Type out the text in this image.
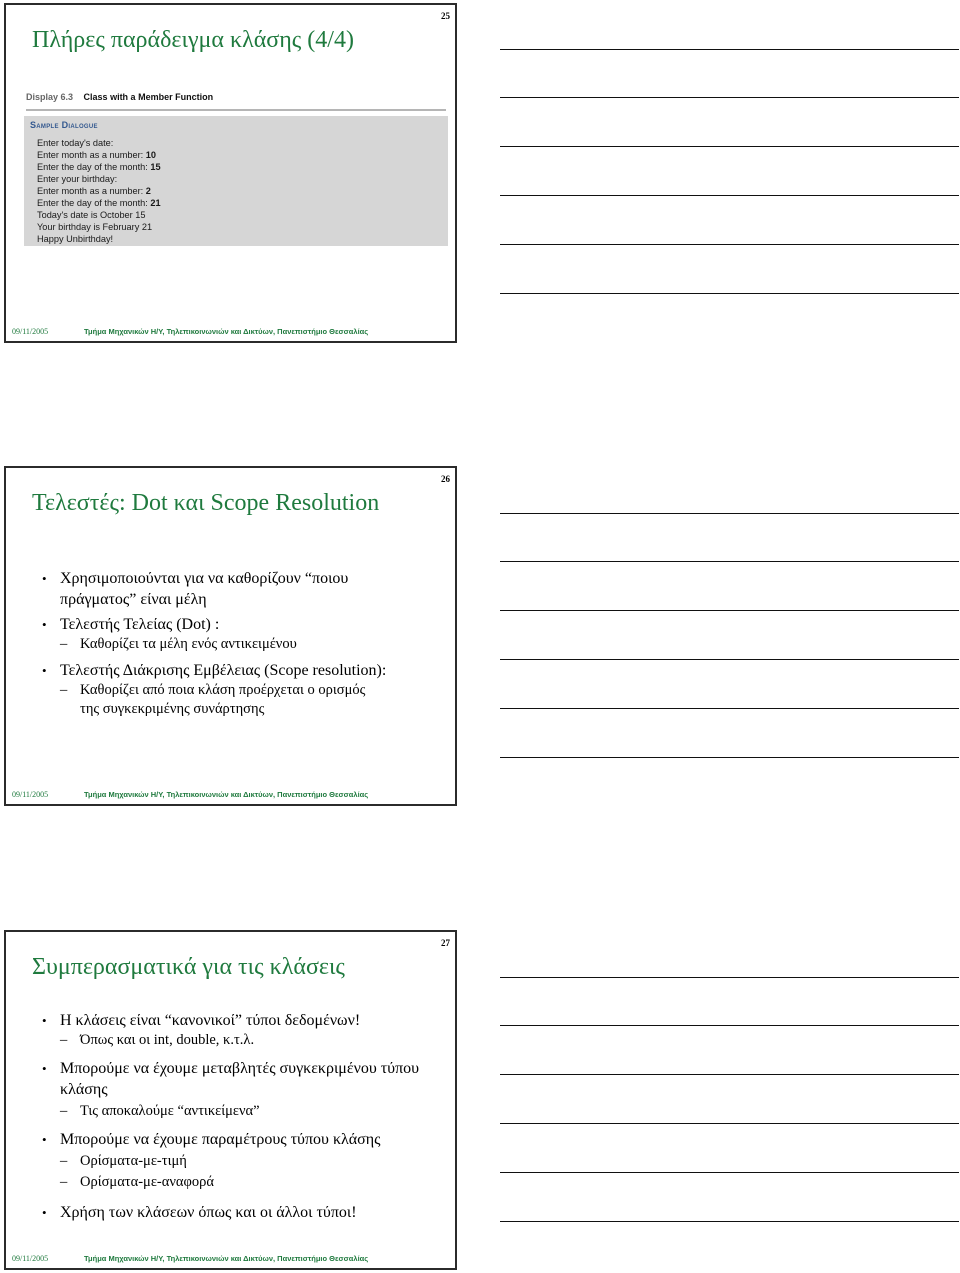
25
Πλήρες παράδειγμα κλάσης (4/4)
Display 6.3 Class with a Member Function
Sample Dialogue
Enter today's date:
Enter month as a number: 10
Enter the day of the month: 15
Enter your birthday:
Enter month as a number: 2
Enter the day of the month: 21
Today's date is October 15
Your birthday is February 21
Happy Unbirthday!
09/11/2005	Τμήμα Μηχανικών Η/Υ, Τηλεπικοινωνιών και Δικτύων, Πανεπιστήμιο Θεσσαλίας
26
Τελεστές: Dot και Scope Resolution
• Χρησιμοποιούνται για να καθορίζουν “ποιου πράγματος” είναι μέλη
• Τελεστής Τελείας (Dot) :
– Καθορίζει τα μέλη ενός αντικειμένου
• Τελεστής Διάκρισης Εμβέλειας (Scope resolution):
– Καθορίζει από ποια κλάση προέρχεται ο ορισμός της συγκεκριμένης συνάρτησης
09/11/2005	Τμήμα Μηχανικών Η/Υ, Τηλεπικοινωνιών και Δικτύων, Πανεπιστήμιο Θεσσαλίας
27
Συμπερασματικά για τις κλάσεις
• Η κλάσεις είναι “κανονικοί” τύποι δεδομένων!
– Όπως και οι int, double, κ.τ.λ.
• Μπορούμε να έχουμε μεταβλητές συγκεκριμένου τύπου κλάσης
– Τις αποκαλούμε “αντικείμενα”
• Μπορούμε να έχουμε παραμέτρους τύπου κλάσης
– Ορίσματα-με-τιμή
– Ορίσματα-με-αναφορά
• Χρήση των κλάσεων όπως και οι άλλοι τύποι!
09/11/2005	Τμήμα Μηχανικών Η/Υ, Τηλεπικοινωνιών και Δικτύων, Πανεπιστήμιο Θεσσαλίας
